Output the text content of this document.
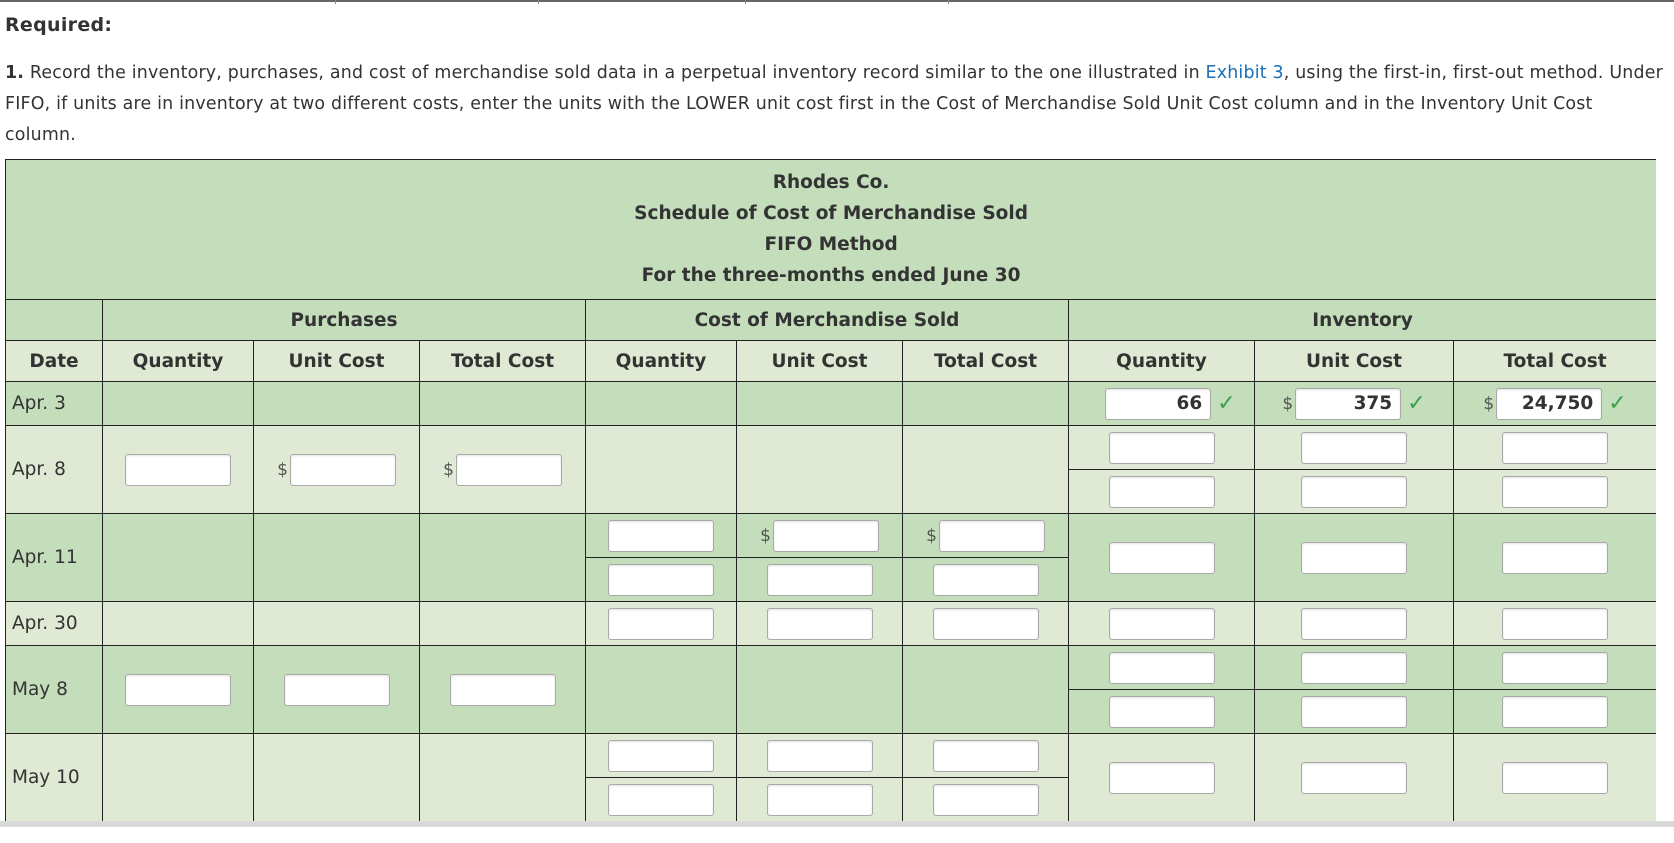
Required:
1. Record the inventory, purchases, and cost of merchandise sold data in a perpetual inventory record similar to the one illustrated in Exhibit 3, using the first-in, first-out method. Under FIFO, if units are in inventory at two different costs, enter the units with the LOWER unit cost first in the Cost of Merchandise Sold Unit Cost column and in the Inventory Unit Cost column.
Rhodes Co.
Schedule of Cost of Merchandise Sold
FIFO Method
For the three-months ended June 30									

	Purchases			Cost of Merchandise Sold			Inventory		
Date	Quantity	Unit Cost	Total Cost	Quantity	Unit Cost	Total Cost	Quantity	Unit Cost	Total Cost
Apr. 3							66 ✓	$ 375 ✓	$ 24,750 ✓
Apr. 8		$	$						

Apr. 11					$	$			

Apr. 30									
May 8									

May 10									
